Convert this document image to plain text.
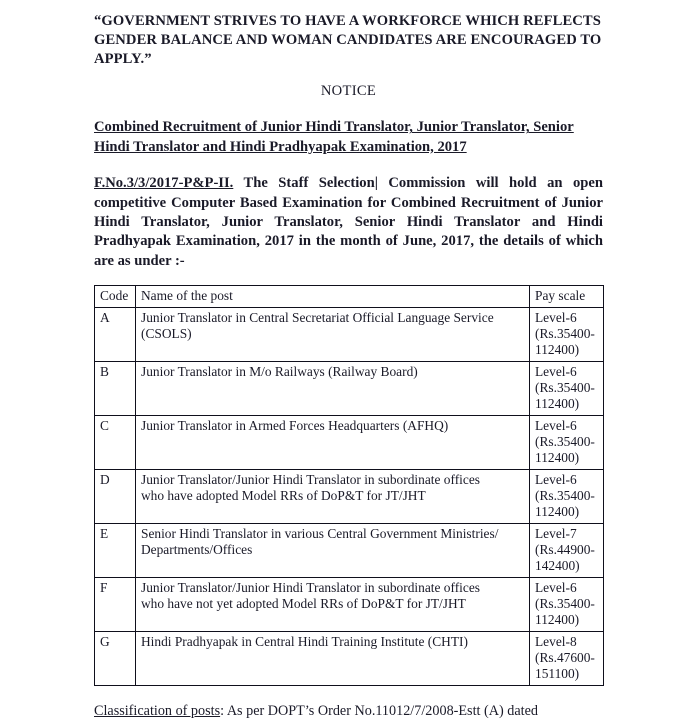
“GOVERNMENT STRIVES TO HAVE A WORKFORCE WHICH REFLECTS GENDER BALANCE AND WOMAN CANDIDATES ARE ENCOURAGED TO APPLY.”

NOTICE

Combined Recruitment of Junior Hindi Translator, Junior Translator, Senior
Hindi Translator and Hindi Pradhyapak Examination, 2017

F.No.3/3/2017-P&P-II. The Staff Selection| Commission will hold an open competitive Computer Based Examination for Combined Recruitment of Junior Hindi Translator, Junior Translator, Senior Hindi Translator and Hindi Pradhyapak Examination, 2017 in the month of June, 2017, the details of which are as under :-

Code	Name of the post	Pay scale
A	Junior Translator in Central Secretariat Official Language Service
(CSOLS)	Level-6
(Rs.35400-
112400)

B	Junior Translator in M/o Railways (Railway Board)	Level-6
(Rs.35400-
112400)

C	Junior Translator in Armed Forces Headquarters (AFHQ)	Level-6
(Rs.35400-
112400)

D	Junior Translator/Junior Hindi Translator in subordinate offices
who have adopted Model RRs of DoP&T for JT/JHT	Level-6
(Rs.35400-
112400)

E	Senior Hindi Translator in various Central Government Ministries/
Departments/Offices	Level-7
(Rs.44900-
142400)

F	Junior Translator/Junior Hindi Translator in subordinate offices
who have not yet adopted Model RRs of DoP&T for JT/JHT	Level-6
(Rs.35400-
112400)

G	Hindi Pradhyapak in Central Hindi Training Institute (CHTI)	Level-8
(Rs.47600-
151100)

Classification of posts: As per DOPT’s Order No.11012/7/2008-Estt (A) dated
